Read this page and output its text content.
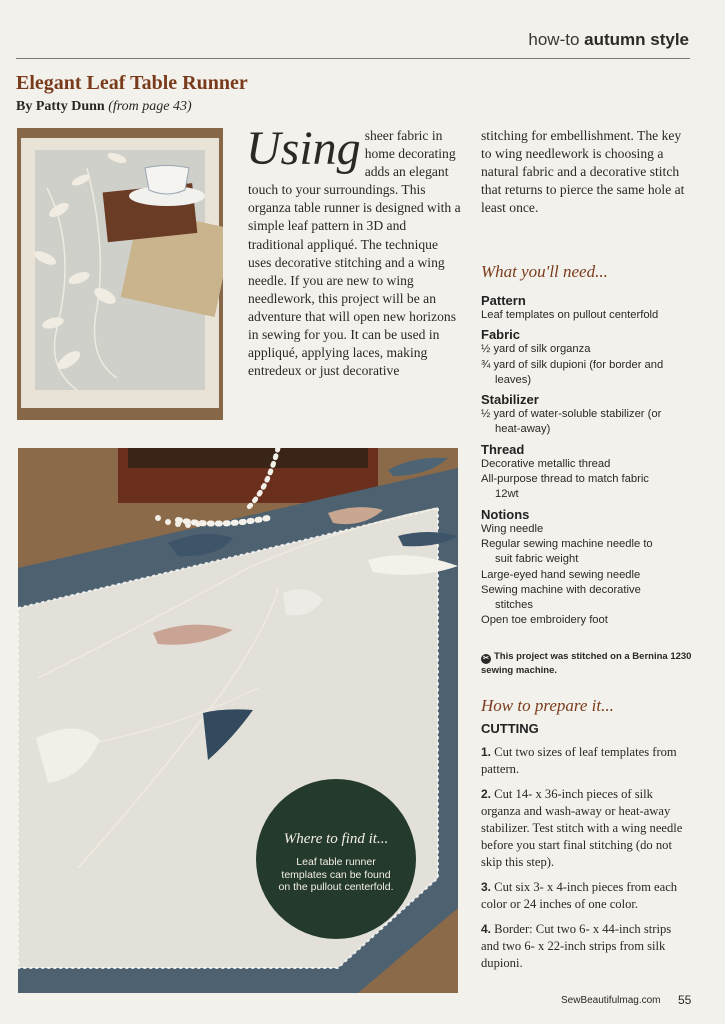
how-to autumn style
Elegant Leaf Table Runner
By Patty Dunn (from page 43)
Using sheer fabric in home decorating adds an elegant touch to your surroundings. This organza table runner is designed with a simple leaf pattern in 3D and traditional appliqué. The technique uses decorative stitching and a wing needle. If you are new to wing needlework, this project will be an adventure that will open new horizons in sewing for you. It can be used in appliqué, applying laces, making entredeux or just decorative
stitching for embellishment. The key to wing needlework is choosing a natural fabric and a decorative stitch that returns to pierce the same hole at least once.
What you'll need...
Pattern
Leaf templates on pullout centerfold
Fabric
½ yard of silk organza
¾ yard of silk dupioni (for border and
leaves)
Stabilizer
½ yard of water-soluble stabilizer (or
heat-away)
Thread
Decorative metallic thread
All-purpose thread to match fabric
12wt
Notions
Wing needle
Regular sewing machine needle to
suit fabric weight
Large-eyed hand sewing needle
Sewing machine with decorative
stitches
Open toe embroidery foot
✂ This project was stitched on a Bernina 1230 sewing machine.
How to prepare it...
CUTTING

1. Cut two sizes of leaf templates from pattern.

2. Cut 14- x 36-inch pieces of silk organza and wash-away or heat-away stabilizer. Test stitch with a wing needle before you start final stitching (do not skip this step).

3. Cut six 3- x 4-inch pieces from each color or 24 inches of one color.

4. Border: Cut two 6- x 44-inch strips and two 6- x 22-inch strips from silk dupioni.

Where to find it...
Leaf table runner templates can be found on the pullout centerfold.
SewBeautifulmag.com 55
